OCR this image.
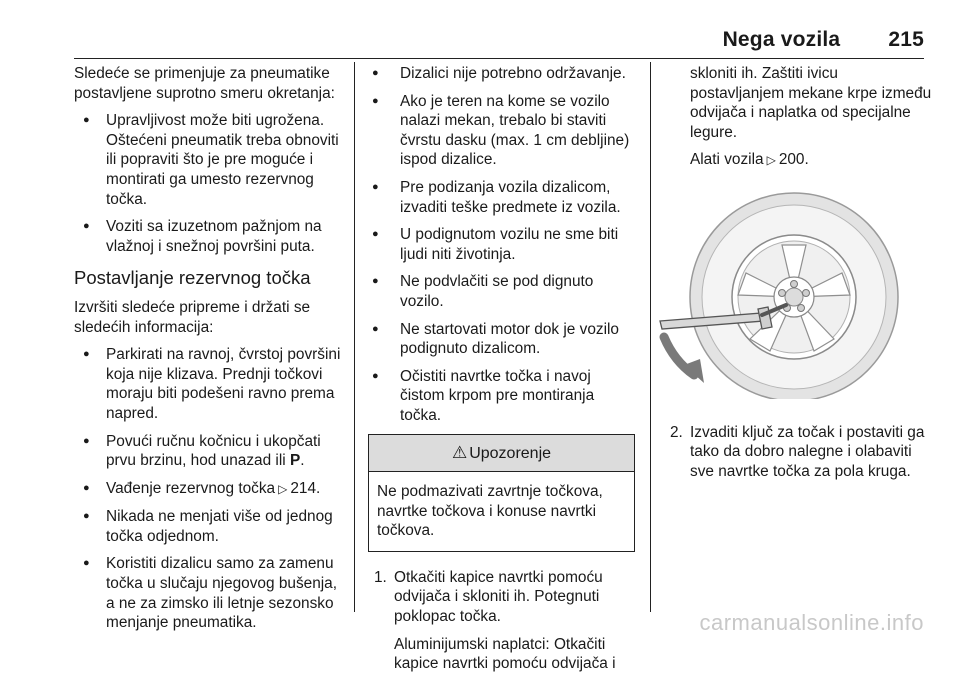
Nega vozila 215

Sledeće se primenjuje za pneumatike postavljene suprotno smeru okretanja:

● Upravljivost može biti ugrožena. Oštećeni pneumatik treba obnoviti ili popraviti što je pre moguće i montirati ga umesto rezervnog točka.
● Voziti sa izuzetnom pažnjom na vlažnoj i snežnoj površini puta.
Postavljanje rezervnog točka

Izvršiti sledeće pripreme i držati se sledećih informacija:

● Parkirati na ravnoj, čvrstoj površini koja nije klizava. Prednji točkovi moraju biti podešeni ravno prema napred.
● Povući ručnu kočnicu i ukopčati prvu brzinu, hod unazad ili P.
● Vađenje rezervnog točka ▷ 214.
● Nikada ne menjati više od jednog točka odjednom.
● Koristiti dizalicu samo za zamenu točka u slučaju njegovog bušenja, a ne za zimsko ili letnje sezonsko menjanje pneumatika.
● Dizalici nije potrebno održavanje.
● Ako je teren na kome se vozilo nalazi mekan, trebalo bi staviti čvrstu dasku (max. 1 cm debljine) ispod dizalice.
● Pre podizanja vozila dizalicom, izvaditi teške predmete iz vozila.
● U podignutom vozilu ne sme biti ljudi niti životinja.
● Ne podvlačiti se pod dignuto vozilo.
● Ne startovati motor dok je vozilo podignuto dizalicom.
● Očistiti navrtke točka i navoj čistom krpom pre montiranja točka.
⚠ Upozorenje
Ne podmazivati zavrtnje točkova, navrtke točkova i konuse navrtki točkova.
1. Otkačiti kapice navrtki pomoću odvijača i skloniti ih. Potegnuti poklopac točka.

Aluminijumski naplatci: Otkačiti kapice navrtki pomoću odvijača i

skloniti ih. Zaštiti ivicu postavljanjem mekane krpe između odvijača i naplatka od specijalne legure.

Alati vozila ▷ 200.

2. Izvaditi ključ za točak i postaviti ga tako da dobro nalegne i olabaviti sve navrtke točka za pola kruga.

carmanualsonline.info
